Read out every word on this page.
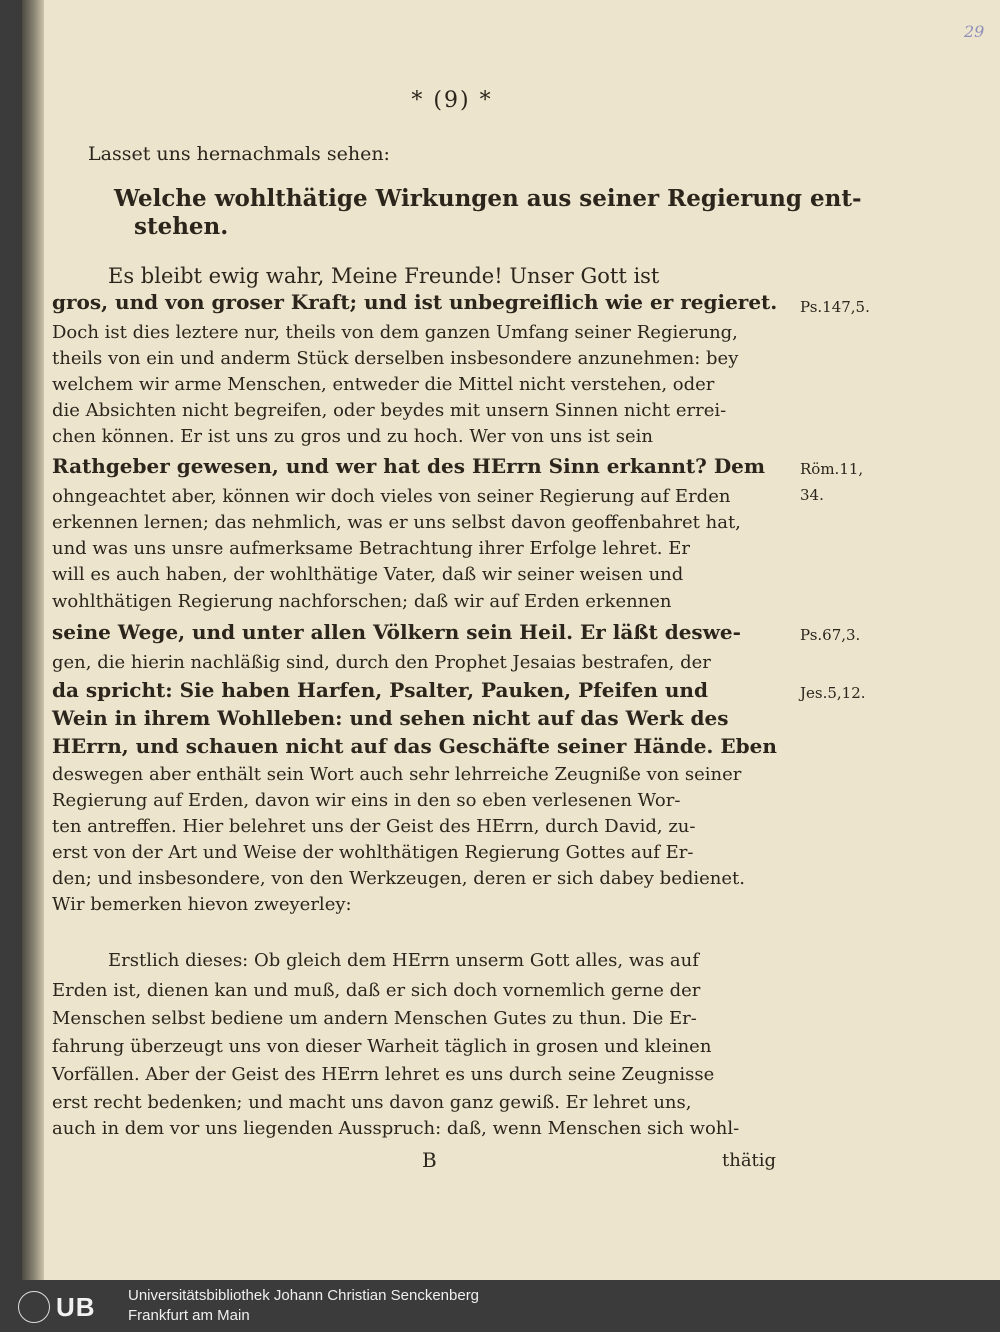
29
* (9) *
Lasset uns hernachmals sehen:
Welche wohlthätige Wirkungen aus seiner Regierung ent-
stehen.
Es bleibt ewig wahr, Meine Freunde! Unser Gott ist
gros, und von groser Kraft; und ist unbegreiflich wie er regieret.
Doch ist dies leztere nur, theils von dem ganzen Umfang seiner Regierung,
theils von ein und anderm Stück derselben insbesondere anzunehmen: bey
welchem wir arme Menschen, entweder die Mittel nicht verstehen, oder
die Absichten nicht begreifen, oder beydes mit unsern Sinnen nicht errei-
chen können. Er ist uns zu gros und zu hoch. Wer von uns ist sein
Rathgeber gewesen, und wer hat des HErrn Sinn erkannt? Dem
ohngeachtet aber, können wir doch vieles von seiner Regierung auf Erden
erkennen lernen; das nehmlich, was er uns selbst davon geoffenbahret hat,
und was uns unsre aufmerksame Betrachtung ihrer Erfolge lehret. Er
will es auch haben, der wohlthätige Vater, daß wir seiner weisen und
wohlthätigen Regierung nachforschen; daß wir auf Erden erkennen
seine Wege, und unter allen Völkern sein Heil. Er läßt deswe-
gen, die hierin nachläßig sind, durch den Prophet Jesaias bestrafen, der
da spricht: Sie haben Harfen, Psalter, Pauken, Pfeifen und
Wein in ihrem Wohlleben: und sehen nicht auf das Werk des
HErrn, und schauen nicht auf das Geschäfte seiner Hände. Eben
deswegen aber enthält sein Wort auch sehr lehrreiche Zeugniße von seiner
Regierung auf Erden, davon wir eins in den so eben verlesenen Wor-
ten antreffen. Hier belehret uns der Geist des HErrn, durch David, zu-
erst von der Art und Weise der wohlthätigen Regierung Gottes auf Er-
den; und insbesondere, von den Werkzeugen, deren er sich dabey bedienet.
Wir bemerken hievon zweyerley:
Erstlich dieses: Ob gleich dem HErrn unserm Gott alles, was auf
Erden ist, dienen kan und muß, daß er sich doch vornemlich gerne der
Menschen selbst bediene um andern Menschen Gutes zu thun. Die Er-
fahrung überzeugt uns von dieser Warheit täglich in grosen und kleinen
Vorfällen. Aber der Geist des HErrn lehret es uns durch seine Zeugnisse
erst recht bedenken; und macht uns davon ganz gewiß. Er lehret uns,
auch in dem vor uns liegenden Ausspruch: daß, wenn Menschen sich wohl-
Ps.147,5.
Röm.11,
34.
Ps.67,3.
Jes.5,12.
B	thätig
UB Universitätsbibliothek Johann Christian Senckenberg
Frankfurt am Main
